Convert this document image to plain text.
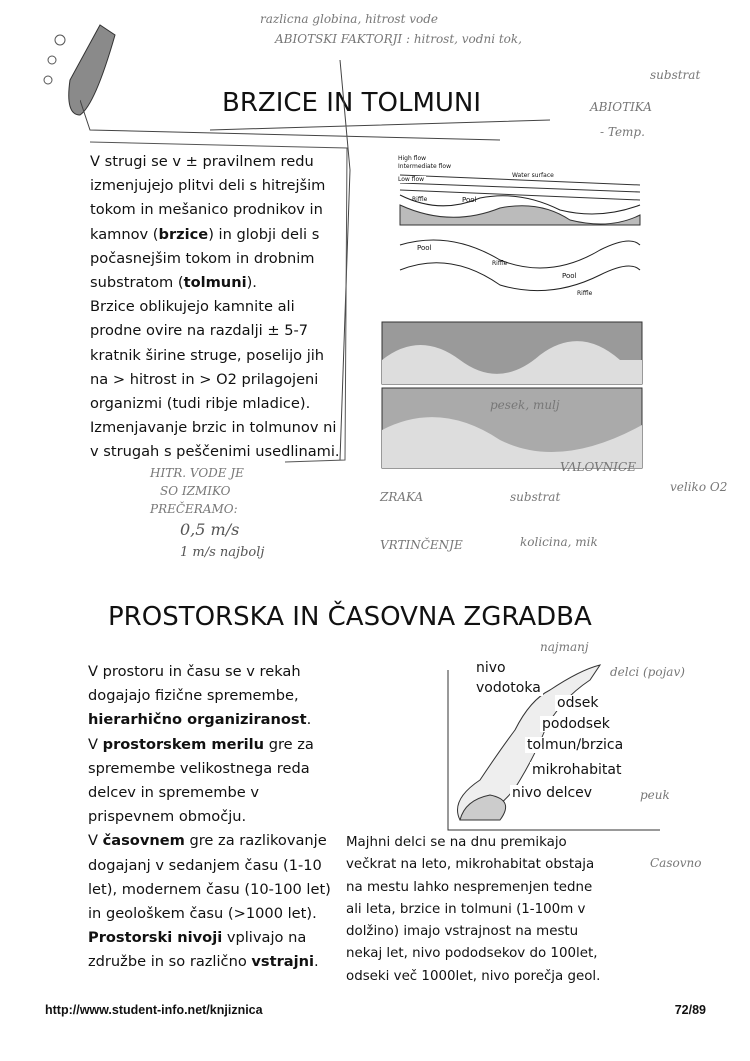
BRZICE IN TOLMUNI
V strugi se v ± pravilnem redu
izmenjujejo plitvi deli s hitrejšim
tokom in mešanico prodnikov in
kamnov (brzice) in globji deli s
počasnejšim tokom in drobnim
substratom (tolmuni).
Brzice oblikujejo kamnite ali
prodne ovire na razdalji ± 5-7
kratnik širine struge, poselijo jih
na > hitrost in > O2 prilagojeni
organizmi (tudi ribje mladice).
Izmenjavanje brzic in tolmunov ni
v strugah s peščenimi usedlinami.
High flow
Intermediate flow
Low flow
Water surface
Pool
Riffle
Pool
Riffle
Pool
Riffle
PROSTORSKA IN ČASOVNA ZGRADBA
V prostoru in času se v rekah
dogajajo fizične spremembe,
hierarhično organiziranost.
V prostorskem merilu gre za
spremembe velikostnega reda
delcev in spremembe v
prispevnem območju.
V časovnem gre za razlikovanje
dogajanj v sedanjem času (1-10
let), modernem času (10-100 let)
in geološkem času (>1000 let).
Prostorski nivoji vplivajo na
združbe in so različno vstrajni.
nivo
vodotoka
odsek
pododsek
tolmun/brzica
mikrohabitat
nivo delcev
Majhni delci se na dnu premikajo
večkrat na leto, mikrohabitat obstaja
na mestu lahko nespremenjen tedne
ali leta, brzice in tolmuni (1-100m v
dolžino) imajo vstrajnost na mestu
nekaj let, nivo pododsekov do 100let,
odseki več 1000let, nivo porečja geol.
razlicna globina, hitrost vode
ABIOTSKI FAKTORJI : hitrost, vodni tok,
substrat
ABIOTIKA
- Temp.
HITR. VODE JE
SO IZMIKO
PREČERAMO:
0,5 m/s
1 m/s najbolj	VRTINČENJE
ZRAKA	substrat
kolicina, mik
veliko O2
pesek, mulj
VALOVNICE
peuk
najmanj
delci (pojav)
Casovno
http://www.student-info.net/knjiznica	72/89
